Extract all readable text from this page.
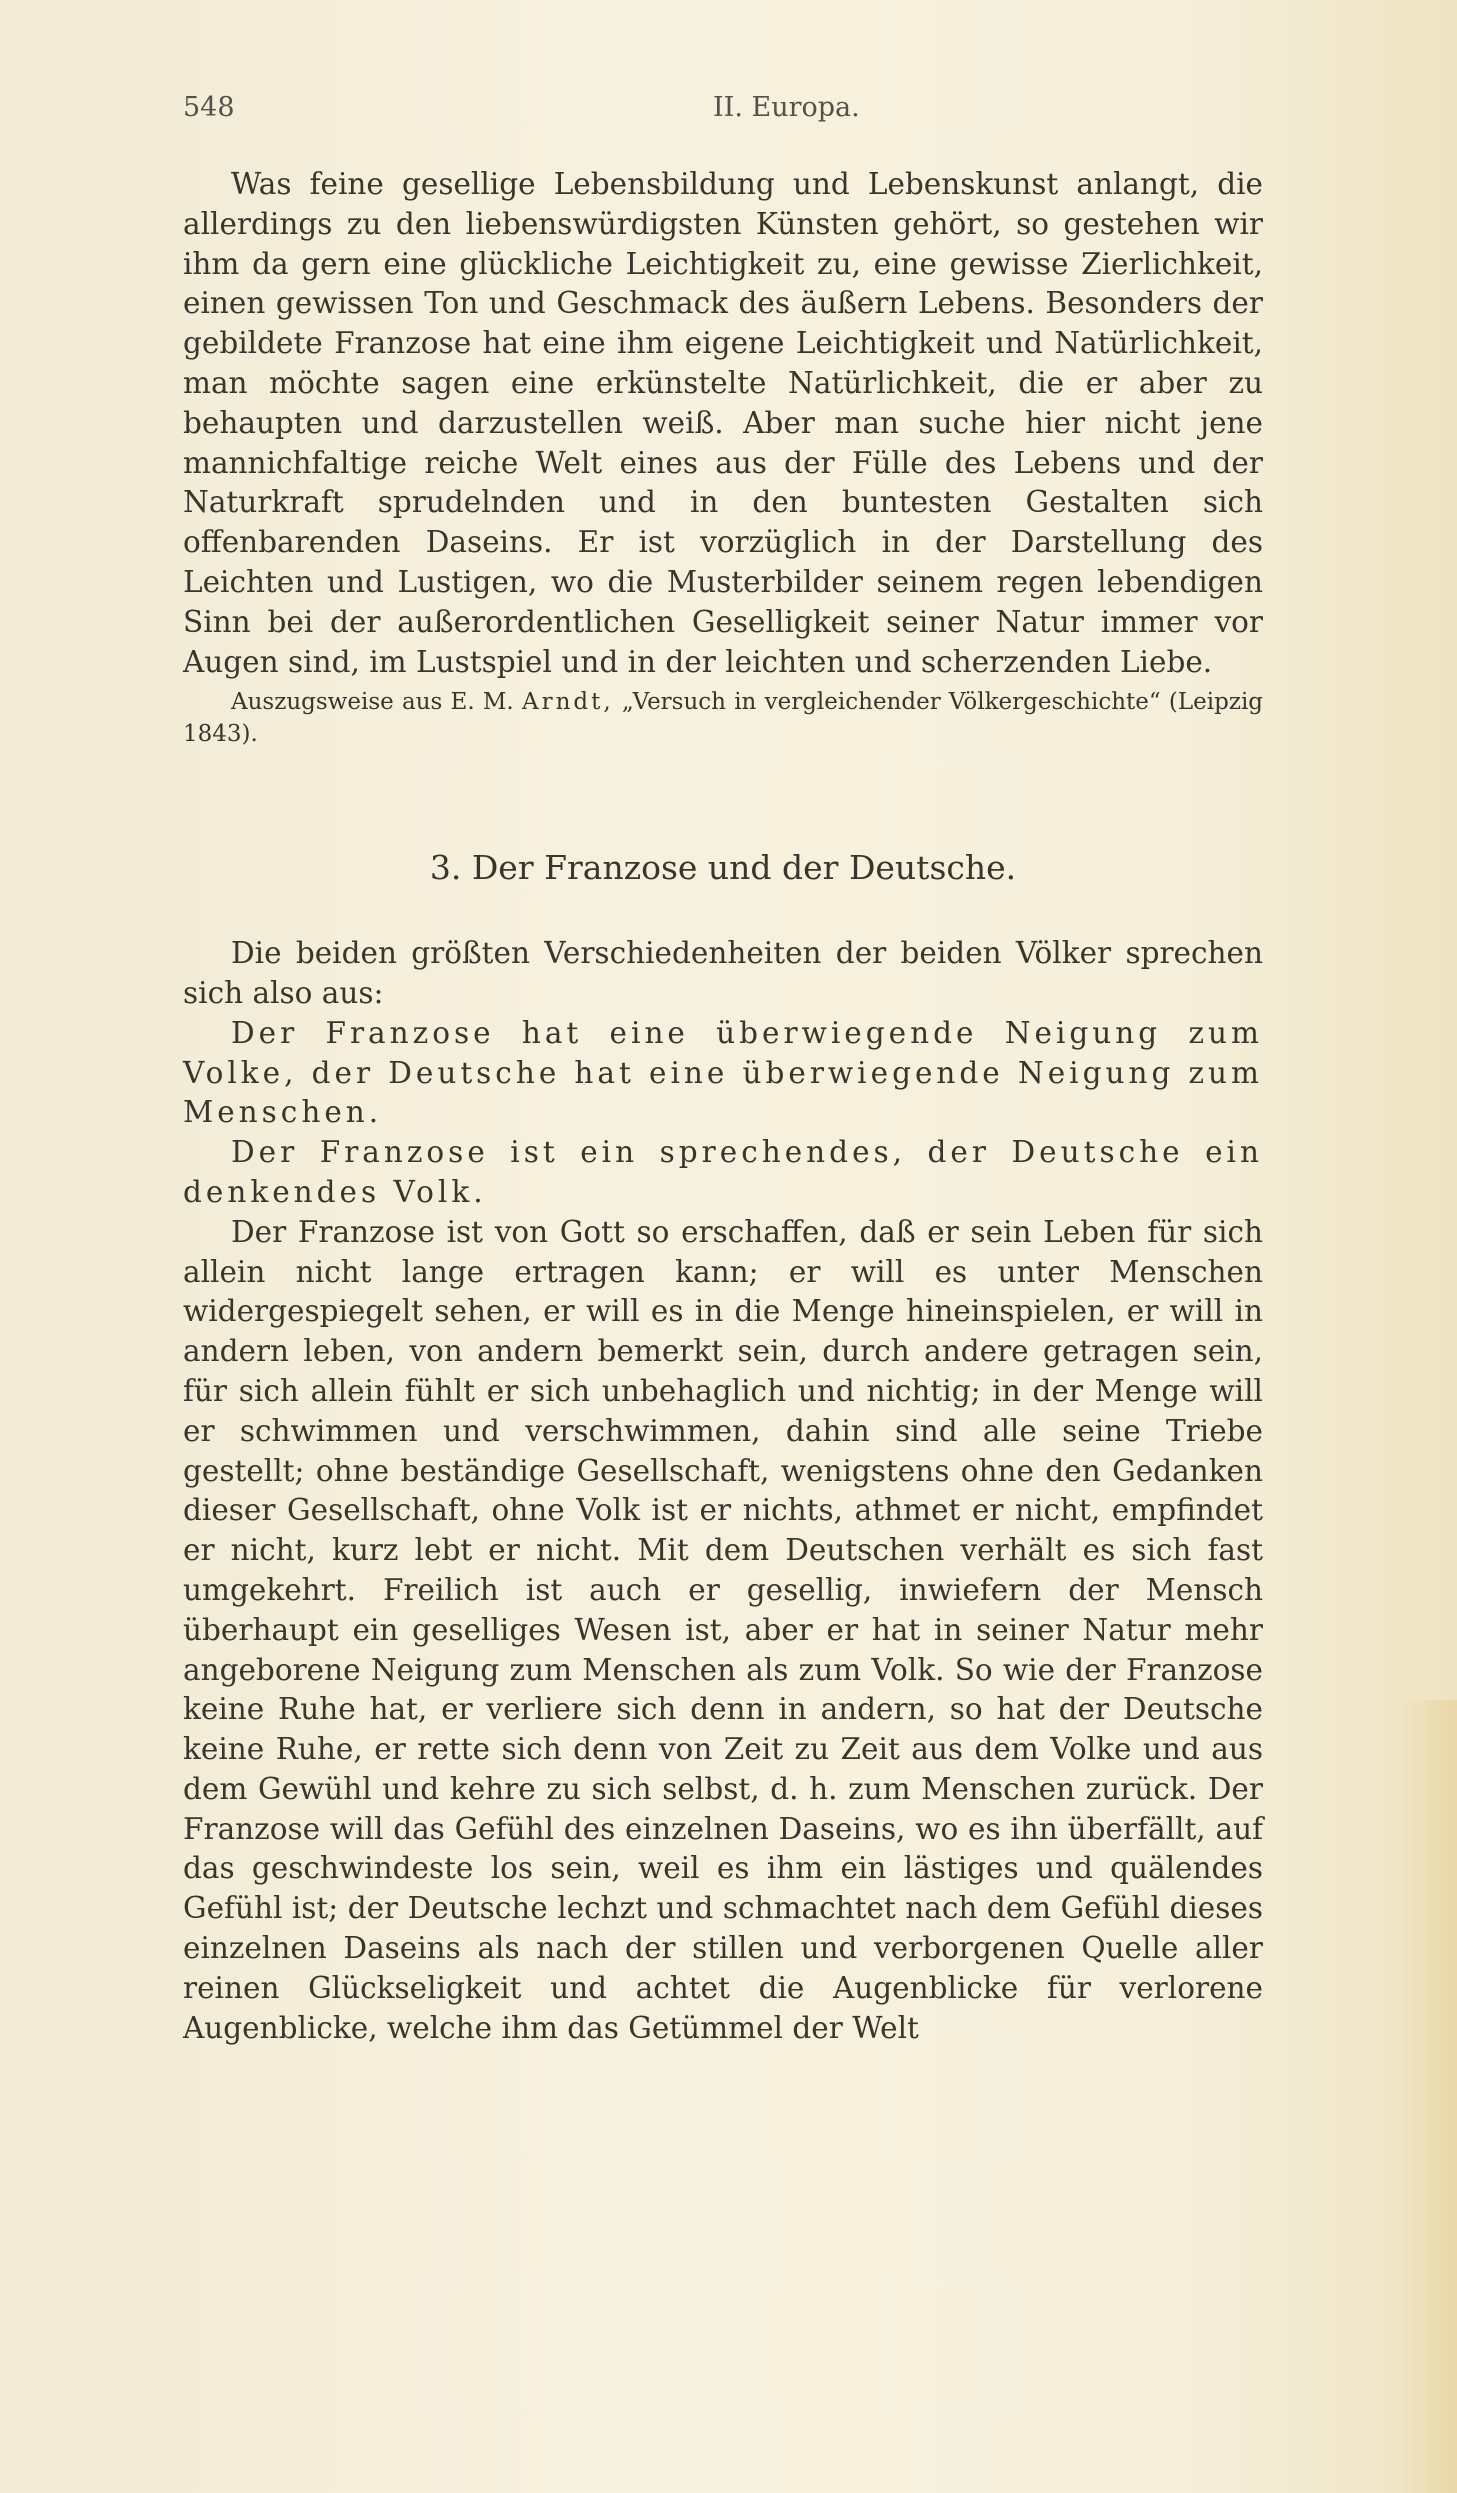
548	II. Europa.

Was feine gesellige Lebensbildung und Lebenskunst anlangt, die allerdings zu den liebenswürdigsten Künsten gehört, so gestehen wir ihm da gern eine glückliche Leichtigkeit zu, eine gewisse Zierlichkeit, einen gewissen Ton und Geschmack des äußern Lebens. Besonders der gebildete Franzose hat eine ihm eigene Leichtigkeit und Natürlichkeit, man möchte sagen eine erkünstelte Natürlichkeit, die er aber zu behaupten und darzustellen weiß. Aber man suche hier nicht jene mannichfaltige reiche Welt eines aus der Fülle des Lebens und der Naturkraft sprudelnden und in den buntesten Gestalten sich offenbarenden Daseins. Er ist vorzüglich in der Darstellung des Leichten und Lustigen, wo die Musterbilder seinem regen lebendigen Sinn bei der außerordentlichen Geselligkeit seiner Natur immer vor Augen sind, im Lustspiel und in der leichten und scherzenden Liebe.

Auszugsweise aus E. M. Arndt, „Versuch in vergleichender Völkergeschichte“ (Leipzig 1843).

3. Der Franzose und der Deutsche.

Die beiden größten Verschiedenheiten der beiden Völker sprechen sich also aus:

Der Franzose hat eine überwiegende Neigung zum Volke, der Deutsche hat eine überwiegende Neigung zum Menschen.

Der Franzose ist ein sprechendes, der Deutsche ein denkendes Volk.

Der Franzose ist von Gott so erschaffen, daß er sein Leben für sich allein nicht lange ertragen kann; er will es unter Menschen widergespiegelt sehen, er will es in die Menge hineinspielen, er will in andern leben, von andern bemerkt sein, durch andere getragen sein, für sich allein fühlt er sich unbehaglich und nichtig; in der Menge will er schwimmen und verschwimmen, dahin sind alle seine Triebe gestellt; ohne beständige Gesellschaft, wenigstens ohne den Gedanken dieser Gesellschaft, ohne Volk ist er nichts, athmet er nicht, empfindet er nicht, kurz lebt er nicht. Mit dem Deutschen verhält es sich fast umgekehrt. Freilich ist auch er gesellig, inwiefern der Mensch überhaupt ein geselliges Wesen ist, aber er hat in seiner Natur mehr angeborene Neigung zum Menschen als zum Volk. So wie der Franzose keine Ruhe hat, er verliere sich denn in andern, so hat der Deutsche keine Ruhe, er rette sich denn von Zeit zu Zeit aus dem Volke und aus dem Gewühl und kehre zu sich selbst, d. h. zum Menschen zurück. Der Franzose will das Gefühl des einzelnen Daseins, wo es ihn überfällt, auf das geschwindeste los sein, weil es ihm ein lästiges und quälendes Gefühl ist; der Deutsche lechzt und schmachtet nach dem Gefühl dieses einzelnen Daseins als nach der stillen und verborgenen Quelle aller reinen Glückseligkeit und achtet die Augenblicke für verlorene Augenblicke, welche ihm das Getümmel der Welt
